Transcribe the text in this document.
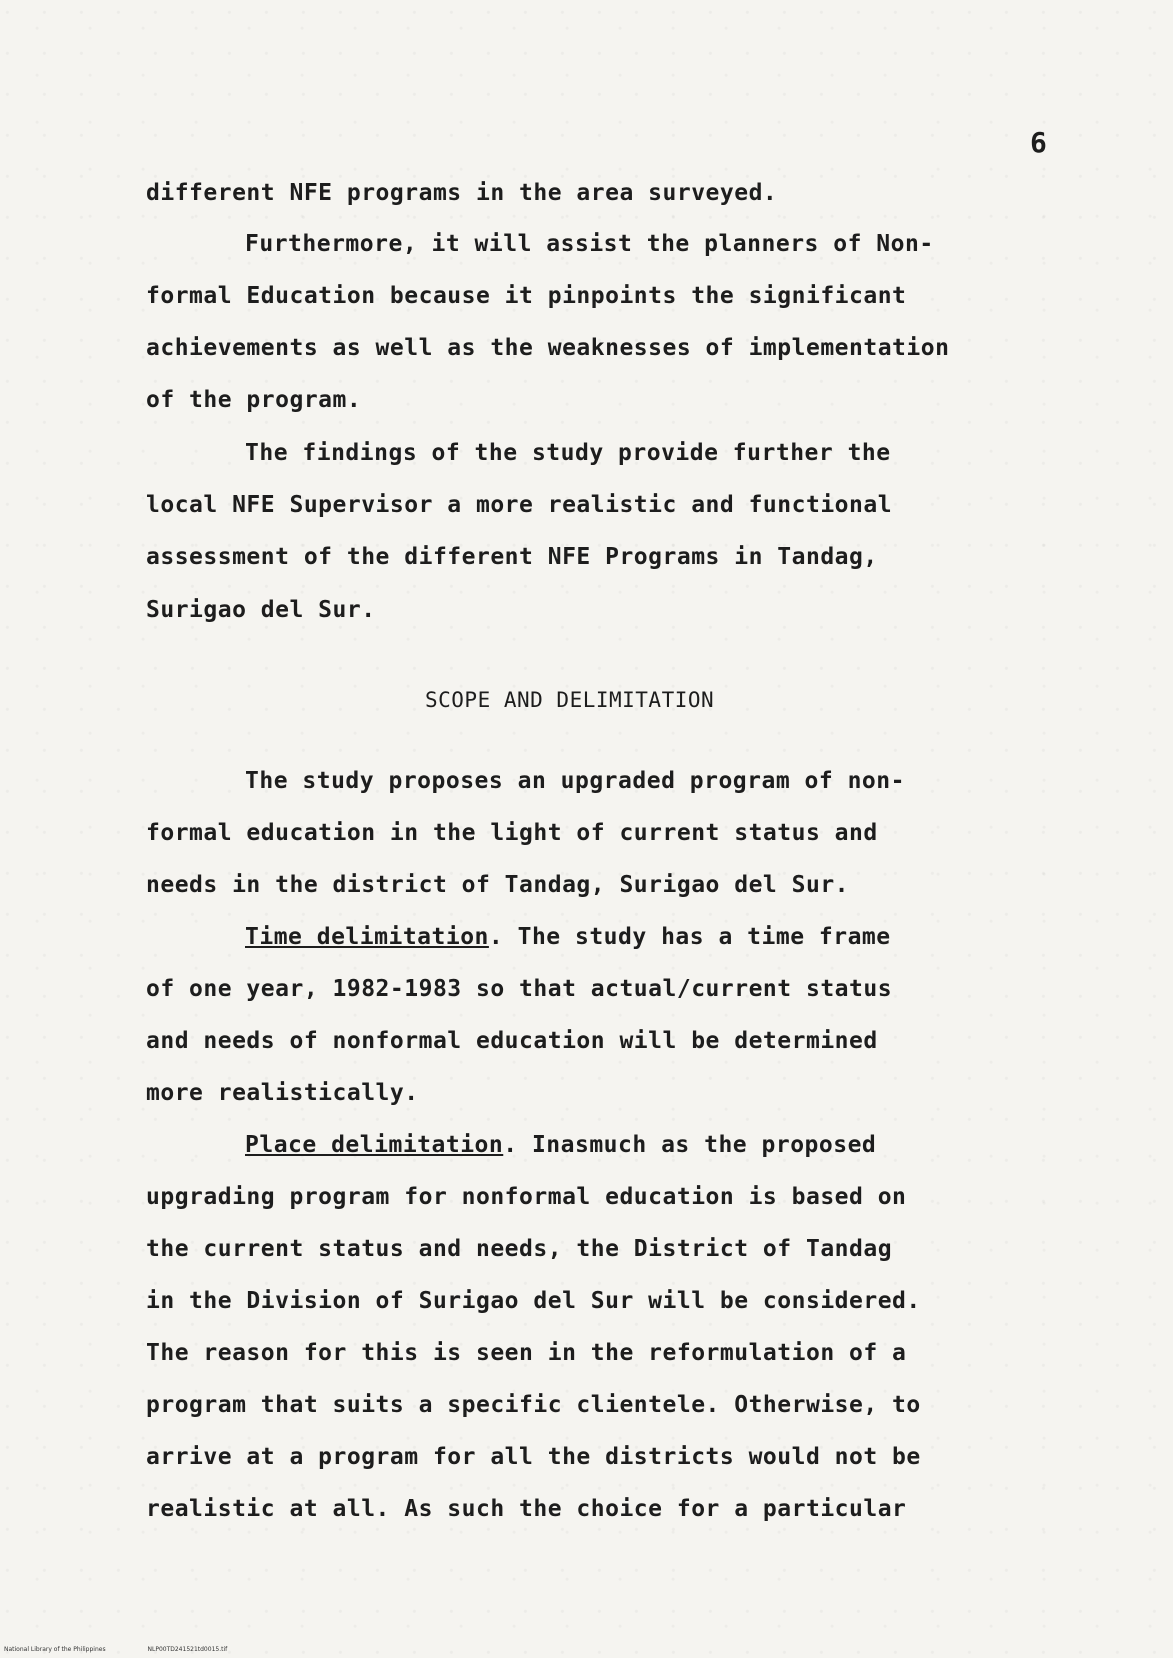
6
different NFE programs in the area surveyed.
Furthermore, it will assist the planners of Non-
formal Education because it pinpoints the significant
achievements as well as the weaknesses of implementation
of the program.
The findings of the study provide further the
local NFE Supervisor a more realistic and functional
assessment of the different NFE Programs in Tandag,
Surigao del Sur.
SCOPE AND DELIMITATION
The study proposes an upgraded program of non-
formal education in the light of current status and
needs in the district of Tandag, Surigao del Sur.
Time delimitation. The study has a time frame
of one year, 1982-1983 so that actual/current status
and needs of nonformal education will be determined
more realistically.
Place delimitation. Inasmuch as the proposed
upgrading program for nonformal education is based on
the current status and needs, the District of Tandag
in the Division of Surigao del Sur will be considered.
The reason for this is seen in the reformulation of a
program that suits a specific clientele. Otherwise, to
arrive at a program for all the districts would not be
realistic at all. As such the choice for a particular
National Library of the Philippines	NLP00TD241521td0015.tif
